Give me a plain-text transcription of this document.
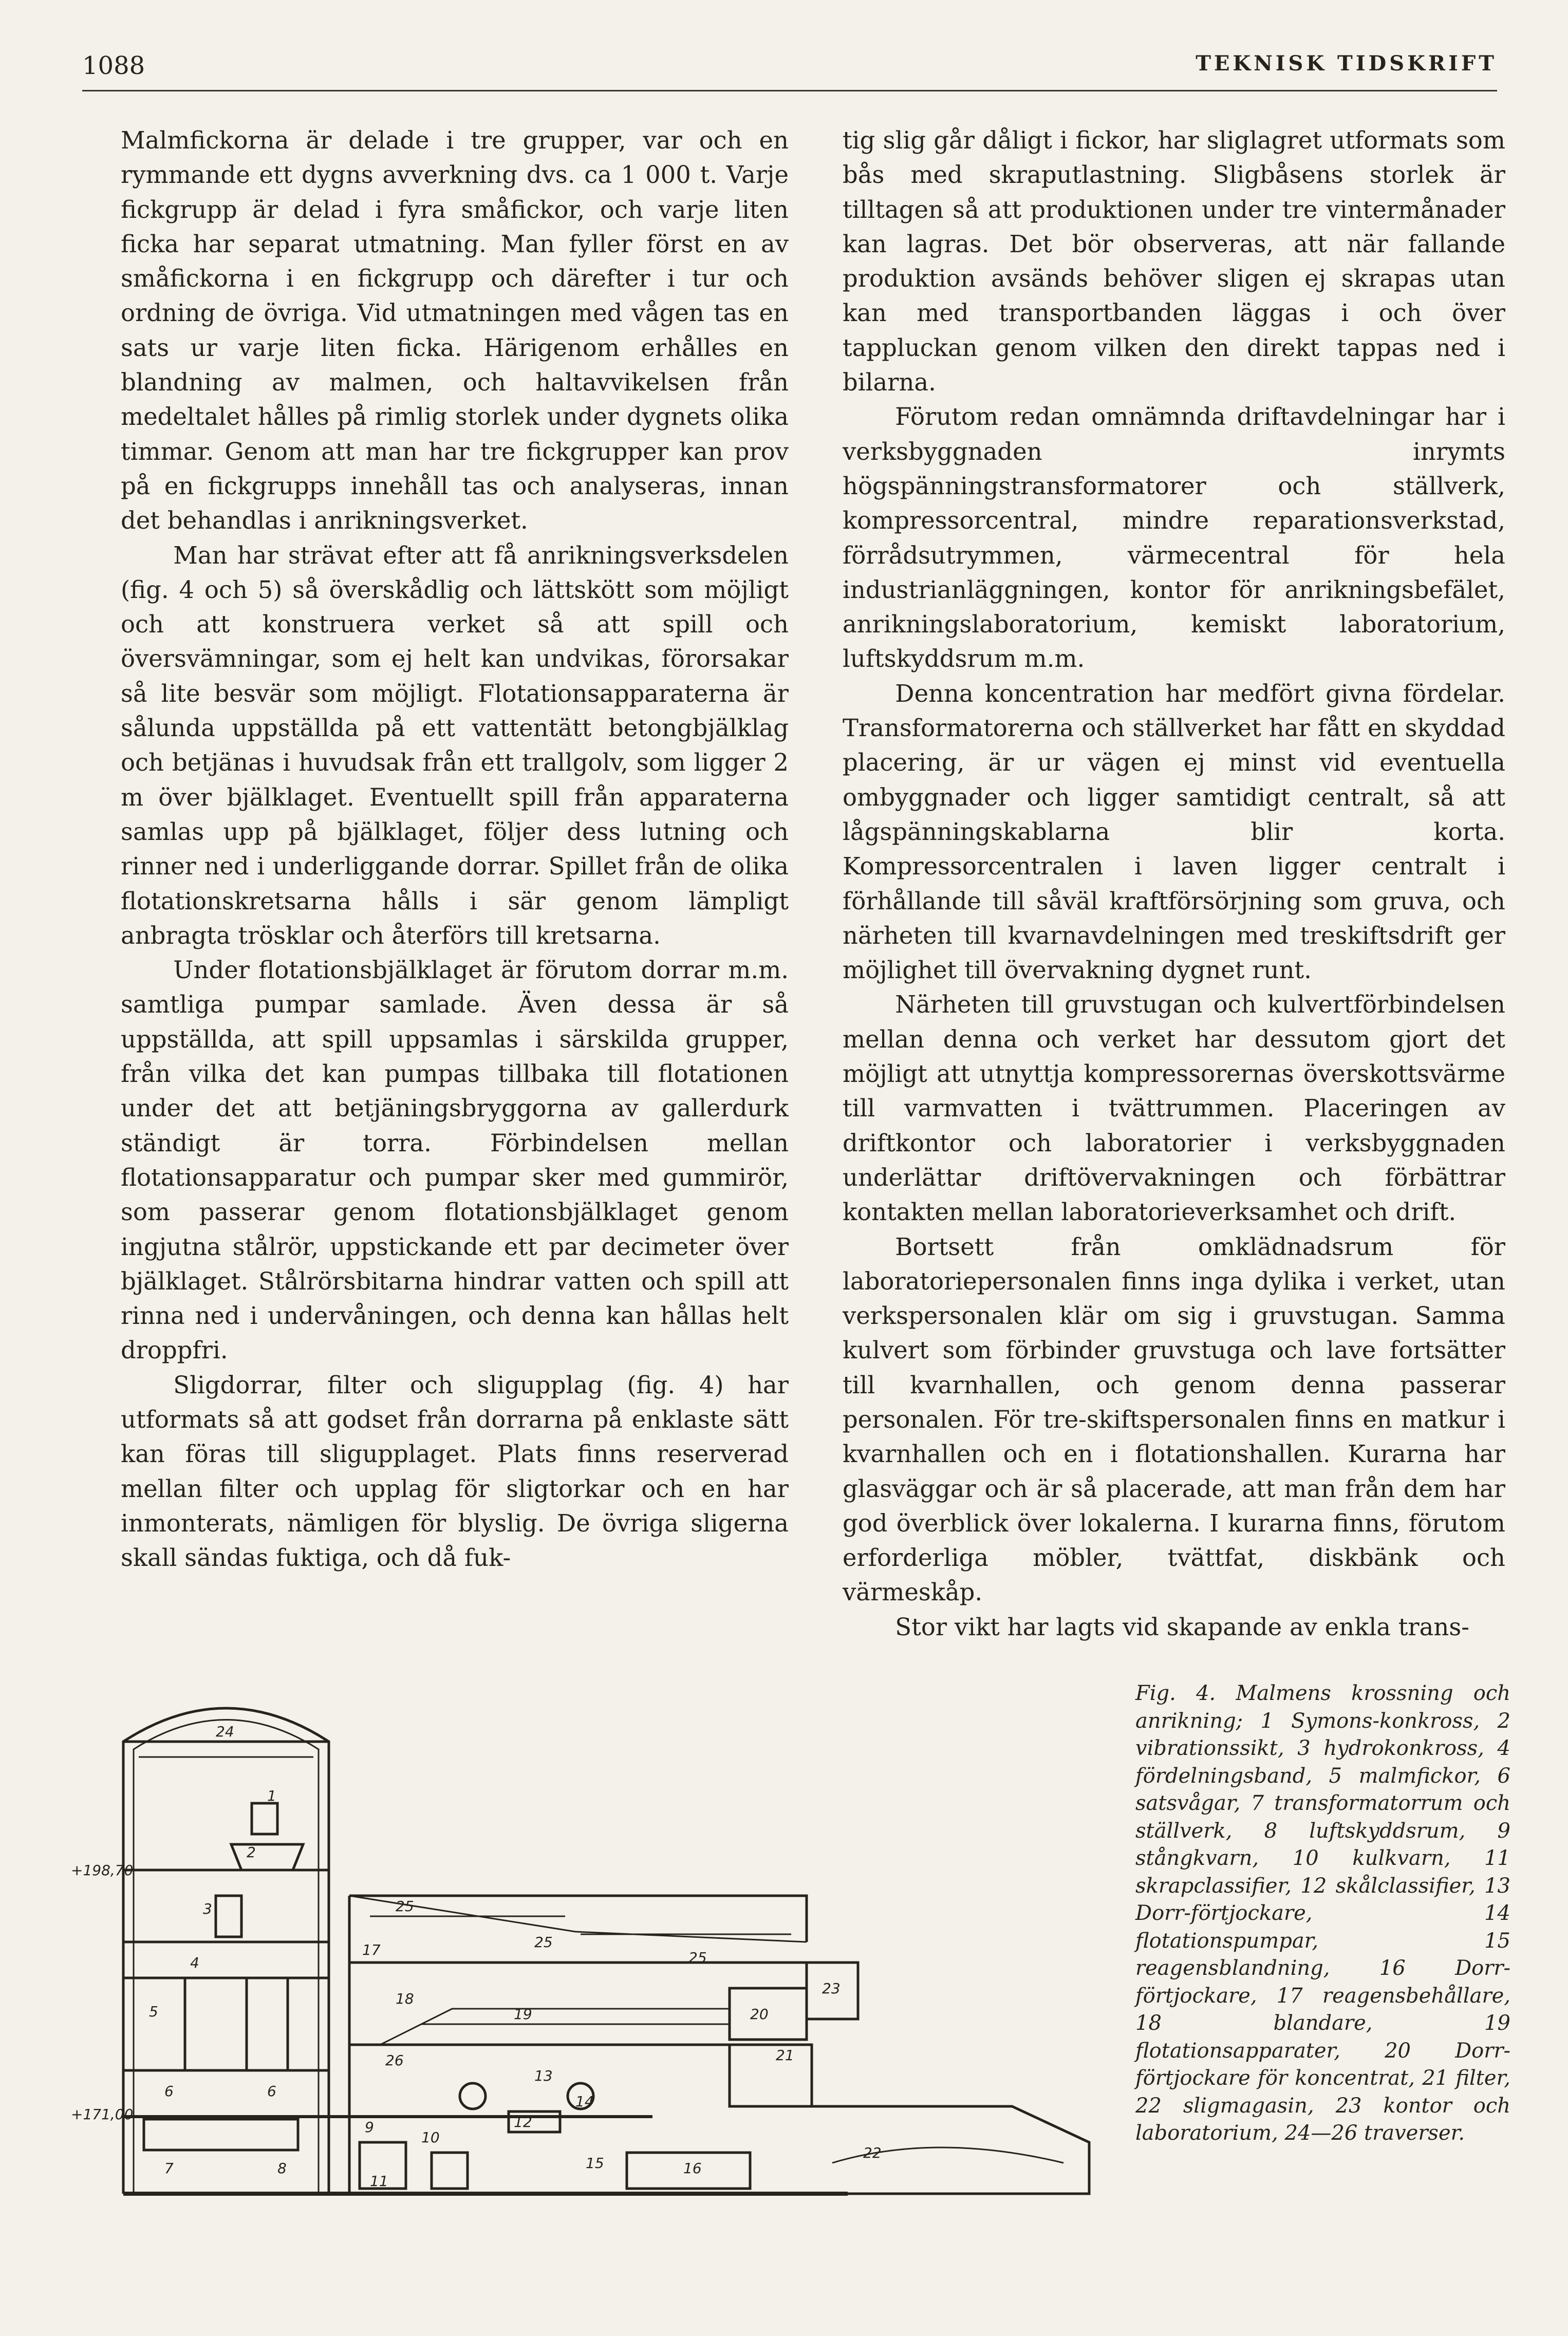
1088	TEKNISK TIDSKRIFT

Malmfickorna är delade i tre grupper, var och en rymmande ett dygns avverkning dvs. ca 1 000 t. Varje fickgrupp är delad i fyra småfickor, och varje liten ficka har separat utmatning. Man fyller först en av småfickorna i en fickgrupp och därefter i tur och ordning de övriga. Vid utmatningen med vågen tas en sats ur varje liten ficka. Härigenom erhålles en blandning av malmen, och haltavvikelsen från medeltalet hålles på rimlig storlek under dygnets olika timmar. Genom att man har tre fickgrupper kan prov på en fickgrupps innehåll tas och analyseras, innan det behandlas i anrikningsverket.

Man har strävat efter att få anrikningsverksdelen (fig. 4 och 5) så överskådlig och lättskött som möjligt och att konstruera verket så att spill och översvämningar, som ej helt kan undvikas, förorsakar så lite besvär som möjligt. Flotationsapparaterna är sålunda uppställda på ett vattentätt betongbjälklag och betjänas i huvudsak från ett trallgolv, som ligger 2 m över bjälklaget. Eventuellt spill från apparaterna samlas upp på bjälklaget, följer dess lutning och rinner ned i underliggande dorrar. Spillet från de olika flotationskretsarna hålls i sär genom lämpligt anbragta trösklar och återförs till kretsarna.

Under flotationsbjälklaget är förutom dorrar m.m. samtliga pumpar samlade. Även dessa är så uppställda, att spill uppsamlas i särskilda grupper, från vilka det kan pumpas tillbaka till flotationen under det att betjäningsbryggorna av gallerdurk ständigt är torra. Förbindelsen mellan flotationsapparatur och pumpar sker med gummirör, som passerar genom flotationsbjälklaget genom ingjutna stålrör, uppstickande ett par decimeter över bjälklaget. Stålrörsbitarna hindrar vatten och spill att rinna ned i undervåningen, och denna kan hållas helt droppfri.

Sligdorrar, filter och sligupplag (fig. 4) har utformats så att godset från dorrarna på enklaste sätt kan föras till sligupplaget. Plats finns reserverad mellan filter och upplag för sligtorkar och en har inmonterats, nämligen för blyslig. De övriga sligerna skall sändas fuktiga, och då fuk-

tig slig går dåligt i fickor, har sliglagret utformats som bås med skraputlastning. Sligbåsens storlek är tilltagen så att produktionen under tre vintermånader kan lagras. Det bör observeras, att när fallande produktion avsänds behöver sligen ej skrapas utan kan med transportbanden läggas i och över tappluckan genom vilken den direkt tappas ned i bilarna.

Förutom redan omnämnda driftavdelningar har i verksbyggnaden inrymts högspänningstransformatorer och ställverk, kompressorcentral, mindre reparationsverkstad, förrådsutrymmen, värmecentral för hela industrianläggningen, kontor för anrikningsbefälet, anrikningslaboratorium, kemiskt laboratorium, luftskyddsrum m.m.

Denna koncentration har medfört givna fördelar. Transformatorerna och ställverket har fått en skyddad placering, är ur vägen ej minst vid eventuella ombyggnader och ligger samtidigt centralt, så att lågspänningskablarna blir korta. Kompressorcentralen i laven ligger centralt i förhållande till såväl kraftförsörjning som gruva, och närheten till kvarnavdelningen med treskiftsdrift ger möjlighet till övervakning dygnet runt.

Närheten till gruvstugan och kulvertförbindelsen mellan denna och verket har dessutom gjort det möjligt att utnyttja kompressorernas överskottsvärme till varmvatten i tvättrummen. Placeringen av driftkontor och laboratorier i verksbyggnaden underlättar driftövervakningen och förbättrar kontakten mellan laboratorieverksamhet och drift.

Bortsett från omklädnadsrum för laboratoriepersonalen finns inga dylika i verket, utan verkspersonalen klär om sig i gruvstugan. Samma kulvert som förbinder gruvstuga och lave fortsätter till kvarnhallen, och genom denna passerar personalen. För tre-skiftspersonalen finns en matkur i kvarnhallen och en i flotationshallen. Kurarna har glasväggar och är så placerade, att man från dem har god överblick över lokalerna. I kurarna finns, förutom erforderliga möbler, tvättfat, diskbänk och värmeskåp.

Stor vikt har lagts vid skapande av enkla trans-

+198,70
+171,00
1
2
3
4
5
6	6
7	8
9
10
11
12
13
14
15	16
17
18
19	20
21
22
23
24
25
25
25
26
Fig. 4. Malmens krossning och anrikning; 1 Symons-konkross, 2 vibrationssikt, 3 hydrokonkross, 4 fördelningsband, 5 malmfickor, 6 satsvågar, 7 transformatorrum och ställverk, 8 luftskyddsrum, 9 stångkvarn, 10 kulkvarn, 11 skrapclassifier, 12 skålclassifier, 13 Dorr-förtjockare, 14 flotationspumpar, 15 reagensblandning, 16 Dorr-förtjockare, 17 reagensbehållare, 18 blandare, 19 flotationsapparater, 20 Dorr-förtjockare för koncentrat, 21 filter, 22 sligmagasin, 23 kontor och laboratorium, 24—26 traverser.
